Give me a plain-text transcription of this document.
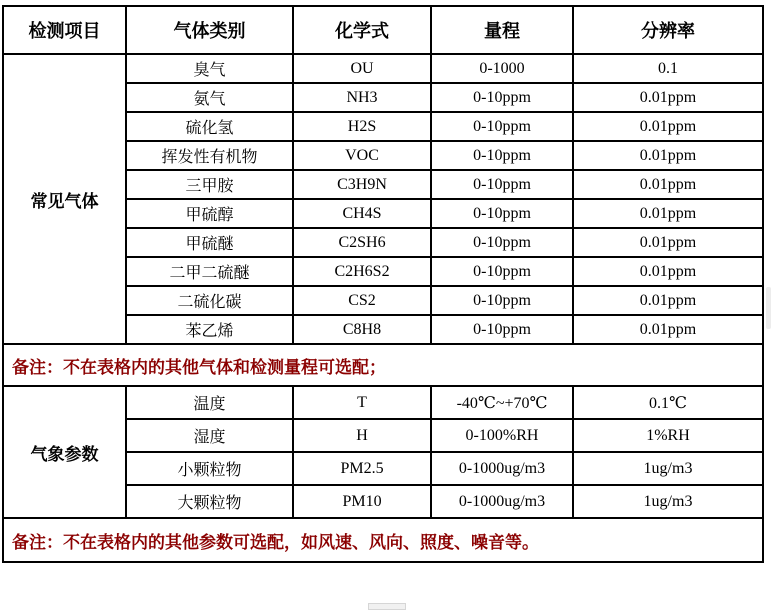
检测项目	气体类别	化学式	量程	分辨率
常见气体	臭气	OU	0-1000	0.1
	氨气	NH3	0-10ppm	0.01ppm
	硫化氢	H2S	0-10ppm	0.01ppm
	挥发性有机物	VOC	0-10ppm	0.01ppm
	三甲胺	C3H9N	0-10ppm	0.01ppm
	甲硫醇	CH4S	0-10ppm	0.01ppm
	甲硫醚	C2SH6	0-10ppm	0.01ppm
	二甲二硫醚	C2H6S2	0-10ppm	0.01ppm
	二硫化碳	CS2	0-10ppm	0.01ppm
	苯乙烯	C8H8	0-10ppm	0.01ppm
备注：不在表格内的其他气体和检测量程可选配；				
气象参数	温度	T	-40℃~+70℃	0.1℃
	湿度	H	0-100%RH	1%RH
	小颗粒物	PM2.5	0-1000ug/m3	1ug/m3
	大颗粒物	PM10	0-1000ug/m3	1ug/m3
备注：不在表格内的其他参数可选配，如风速、风向、照度、噪音等。				
